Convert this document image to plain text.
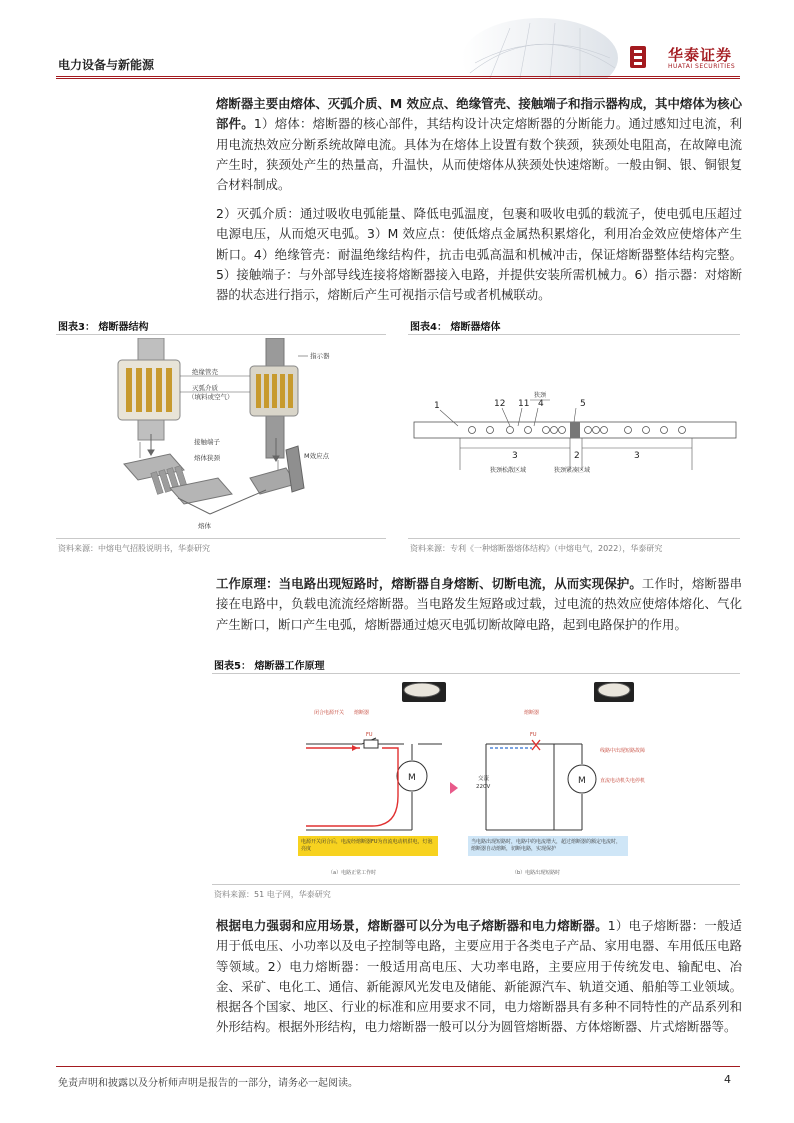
电力设备与新能源
华泰证券
HUATAI SECURITIES
熔断器主要由熔体、灭弧介质、M 效应点、绝缘管壳、接触端子和指示器构成，其中熔体为核心部件。1）熔体：熔断器的核心部件，其结构设计决定熔断器的分断能力。通过感知过电流，利用电流热效应分断系统故障电流。具体为在熔体上设置有数个狭颈，狭颈处电阻高，在故障电流产生时，狭颈处产生的热量高，升温快，从而使熔体从狭颈处快速熔断。一般由铜、银、铜银复合材料制成。
2）灭弧介质：通过吸收电弧能量、降低电弧温度，包裹和吸收电弧的载流子，使电弧电压超过电源电压，从而熄灭电弧。3）M 效应点：使低熔点金属热积累熔化，利用冶金效应使熔体产生断口。4）绝缘管壳：耐温绝缘结构件，抗击电弧高温和机械冲击，保证熔断器整体结构完整。5）接触端子：与外部导线连接将熔断器接入电路，并提供安装所需机械力。6）指示器：对熔断器的状态进行指示，熔断后产生可视指示信号或者机械联动。
图表3： 熔断器结构
绝缘管壳
灭弧介质
（填料或空气）
指示器
接触端子
熔体狭颈	M效应点
熔体
资料来源：中熔电气招股说明书，华泰研究
图表4： 熔断器熔体
1	12 11 4	5
3	2	3
狭颈
狭颈松散区域	狭颈紧凑区域
资料来源：专利《一种熔断器熔体结构》（中熔电气，2022），华泰研究
工作原理：当电路出现短路时，熔断器自身熔断、切断电流，从而实现保护。工作时，熔断器串接在电路中，负载电流流经熔断器。当电路发生短路或过载，过电流的热效应使熔体熔化、气化产生断口，断口产生电弧，熔断器通过熄灭电弧切断故障电路，起到电路保护的作用。
图表5： 熔断器工作原理
M
FU
闭合电源开关 熔断器
电源开关闭合后，电流经熔断器FU为直流电动机供电，灯泡亮度
（a）电路正常工作时
M
FU
交流
220V
熔断器
线路中出现短路故障
直流电动机失电停机
当电路出现短路时，电路中的电流增大，超过熔断器的额定电流时，熔断器自动熔断，切断电路，实现保护
（b）电路出现短路时
资料来源：51 电子网，华泰研究
根据电力强弱和应用场景，熔断器可以分为电子熔断器和电力熔断器。1）电子熔断器：一般适用于低电压、小功率以及电子控制等电路，主要应用于各类电子产品、家用电器、车用低压电路等领域。2）电力熔断器：一般适用高电压、大功率电路，主要应用于传统发电、输配电、冶金、采矿、电化工、通信、新能源风光发电及储能、新能源汽车、轨道交通、船舶等工业领域。根据各个国家、地区、行业的标准和应用要求不同，电力熔断器具有多种不同特性的产品系列和外形结构。根据外形结构，电力熔断器一般可以分为圆管熔断器、方体熔断器、片式熔断器等。
免责声明和披露以及分析师声明是报告的一部分，请务必一起阅读。	4
